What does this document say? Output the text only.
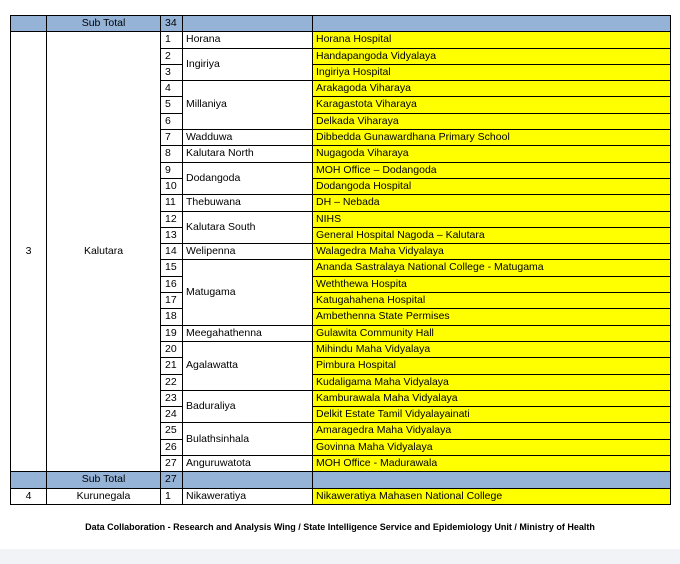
	Sub Total	34		
3	Kalutara	1	Horana	Horana Hospital
		2	Ingiriya	Handapangoda Vidyalaya
		3		Ingiriya Hospital
		4	Millaniya	Arakagoda Viharaya
		5		Karagastota Viharaya
		6		Delkada Viharaya
		7	Wadduwa	Dibbedda Gunawardhana Primary School
		8	Kalutara North	Nugagoda Viharaya
		9	Dodangoda	MOH Office – Dodangoda
		10		Dodangoda Hospital
		11	Thebuwana	DH – Nebada
		12	Kalutara South	NIHS
		13		General Hospital Nagoda – Kalutara
		14	Welipenna	Walagedra Maha Vidyalaya
		15	Matugama	Ananda Sastralaya National College - Matugama
		16		Weththewa Hospita
		17		Katugahahena Hospital
		18		Ambethenna State Permises
		19	Meegahathenna	Gulawita Community Hall
		20	Agalawatta	Mihindu Maha Vidyalaya
		21		Pimbura Hospital
		22		Kudaligama Maha Vidyalaya
		23	Baduraliya	Kamburawala Maha Vidyalaya
		24		Delkit Estate Tamil Vidyalayainati
		25	Bulathsinhala	Amaragedra Maha Vidyalaya
		26		Govinna Maha Vidyalaya
		27	Anguruwatota	MOH Office - Madurawala
	Sub Total	27		
4	Kurunegala	1	Nikaweratiya	Nikaweratiya Mahasen National College
Data Collaboration - Research and Analysis Wing / State Intelligence Service and Epidemiology Unit / Ministry of Health
